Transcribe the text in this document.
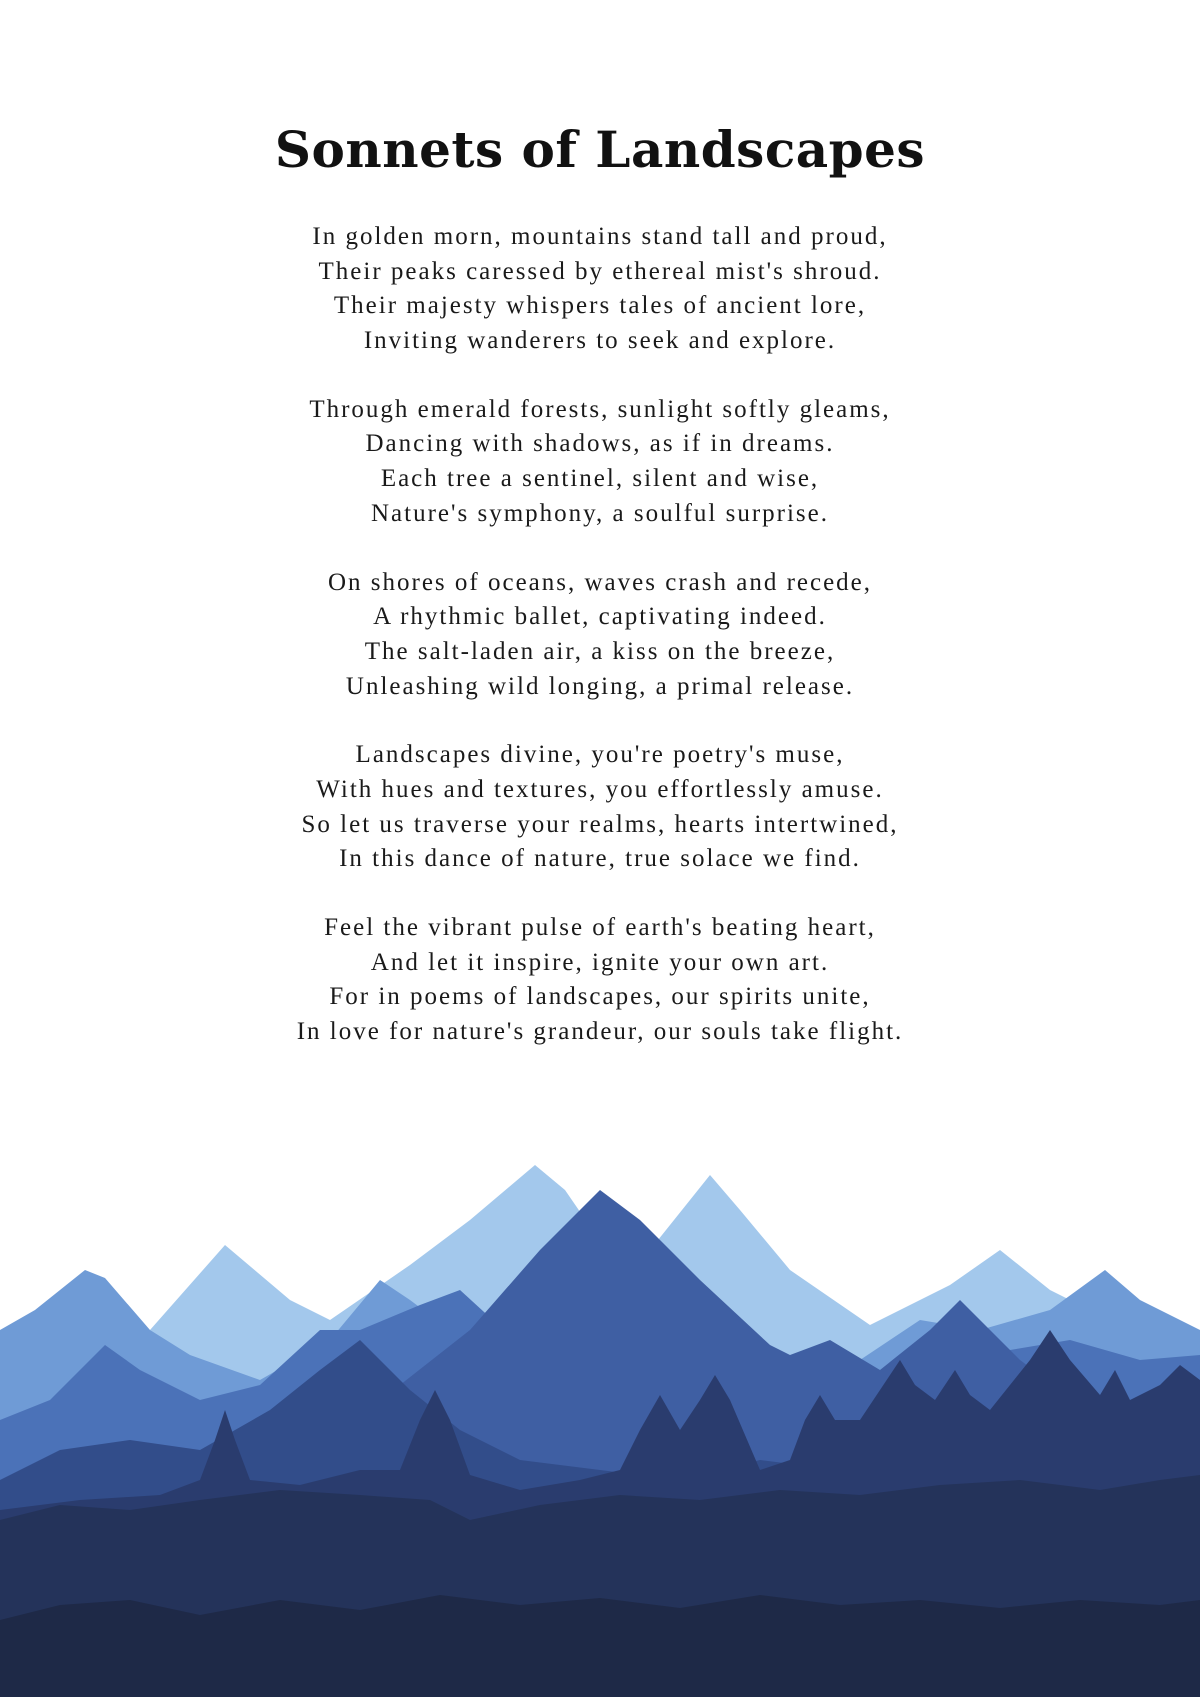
Sonnets of Landscapes
In golden morn, mountains stand tall and proud,
Their peaks caressed by ethereal mist's shroud.
Their majesty whispers tales of ancient lore,
Inviting wanderers to seek and explore.
Through emerald forests, sunlight softly gleams,
Dancing with shadows, as if in dreams.
Each tree a sentinel, silent and wise,
Nature's symphony, a soulful surprise.
On shores of oceans, waves crash and recede,
A rhythmic ballet, captivating indeed.
The salt-laden air, a kiss on the breeze,
Unleashing wild longing, a primal release.
Landscapes divine, you're poetry's muse,
With hues and textures, you effortlessly amuse.
So let us traverse your realms, hearts intertwined,
In this dance of nature, true solace we find.
Feel the vibrant pulse of earth's beating heart,
And let it inspire, ignite your own art.
For in poems of landscapes, our spirits unite,
In love for nature's grandeur, our souls take flight.
